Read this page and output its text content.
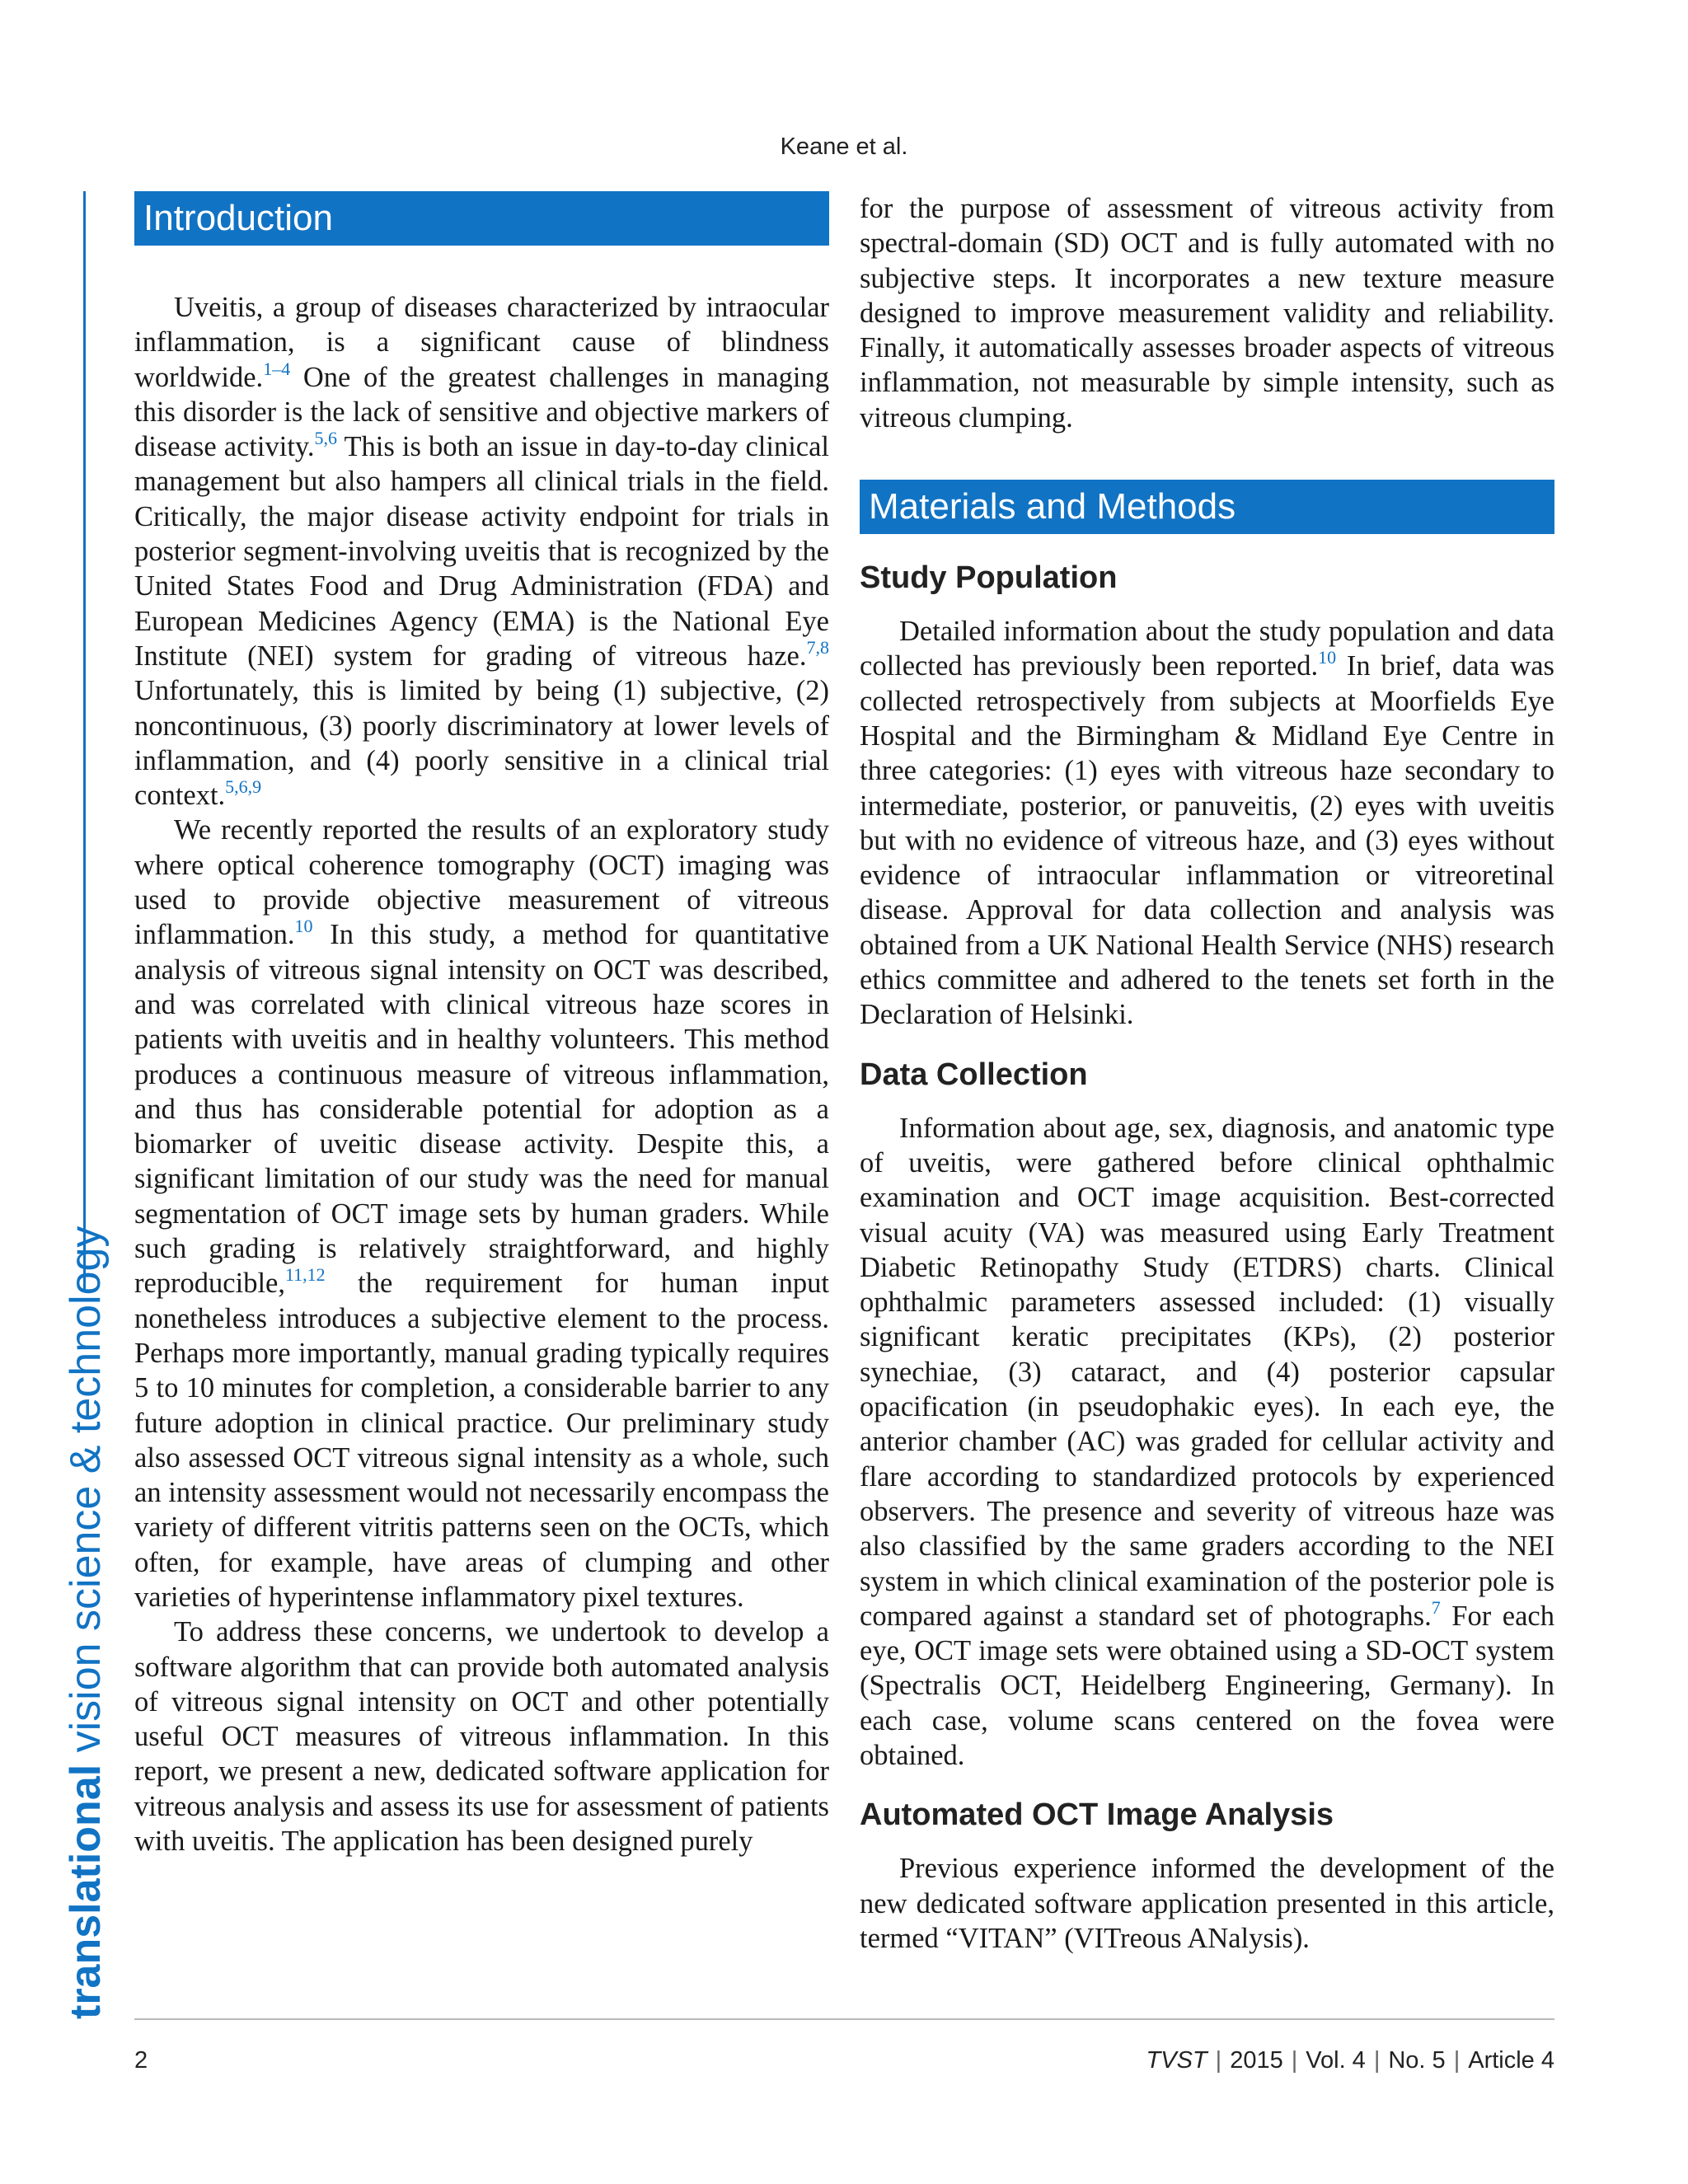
Keane et al.
translational vision science & technology
Introduction

Uveitis, a group of diseases characterized by intraocular inflammation, is a significant cause of blindness worldwide.$^{1-4}$ One of the greatest challenges in managing this disorder is the lack of sensitive and objective markers of disease activity.$^{5,6}$ This is both an issue in day-to-day clinical management but also hampers all clinical trials in the field. Critically, the major disease activity endpoint for trials in posterior segment-involving uveitis that is recognized by the United States Food and Drug Administration (FDA) and European Medicines Agency (EMA) is the National Eye Institute (NEI) system for grading of vitreous haze.$^{7,8}$ Unfortunately, this is limited by being (1) subjective, (2) noncontinuous, (3) poorly discriminatory at lower levels of inflammation, and (4) poorly sensitive in a clinical trial context.$^{5,6,9}$

We recently reported the results of an exploratory study where optical coherence tomography (OCT) imaging was used to provide objective measurement of vitreous inflammation.$^{10}$ In this study, a method for quantitative analysis of vitreous signal intensity on OCT was described, and was correlated with clinical vitreous haze scores in patients with uveitis and in healthy volunteers. This method produces a continuous measure of vitreous inflammation, and thus has considerable potential for adoption as a biomarker of uveitic disease activity. Despite this, a significant limitation of our study was the need for manual segmentation of OCT image sets by human graders. While such grading is relatively straightforward, and highly reproducible,$^{11,12}$ the requirement for human input nonetheless introduces a subjective element to the process. Perhaps more importantly, manual grading typically requires 5 to 10 minutes for completion, a considerable barrier to any future adoption in clinical practice. Our preliminary study also assessed OCT vitreous signal intensity as a whole, such an intensity assessment would not necessarily encompass the variety of different vitritis patterns seen on the OCTs, which often, for example, have areas of clumping and other varieties of hyperintense inflammatory pixel textures.

To address these concerns, we undertook to develop a software algorithm that can provide both automated analysis of vitreous signal intensity on OCT and other potentially useful OCT measures of vitreous inflammation. In this report, we present a new, dedicated software application for vitreous analysis and assess its use for assessment of patients with uveitis. The application has been designed purely

for the purpose of assessment of vitreous activity from spectral-domain (SD) OCT and is fully automated with no subjective steps. It incorporates a new texture measure designed to improve measurement validity and reliability. Finally, it automatically assesses broader aspects of vitreous inflammation, not measurable by simple intensity, such as vitreous clumping.

Materials and Methods
Study Population

Detailed information about the study population and data collected has previously been reported.$^{10}$ In brief, data was collected retrospectively from subjects at Moorfields Eye Hospital and the Birmingham & Midland Eye Centre in three categories: (1) eyes with vitreous haze secondary to intermediate, posterior, or panuveitis, (2) eyes with uveitis but with no evidence of vitreous haze, and (3) eyes without evidence of intraocular inflammation or vitreoretinal disease. Approval for data collection and analysis was obtained from a UK National Health Service (NHS) research ethics committee and adhered to the tenets set forth in the Declaration of Helsinki.

Data Collection

Information about age, sex, diagnosis, and anatomic type of uveitis, were gathered before clinical ophthalmic examination and OCT image acquisition. Best-corrected visual acuity (VA) was measured using Early Treatment Diabetic Retinopathy Study (ETDRS) charts. Clinical ophthalmic parameters assessed included: (1) visually significant keratic precipitates (KPs), (2) posterior synechiae, (3) cataract, and (4) posterior capsular opacification (in pseudophakic eyes). In each eye, the anterior chamber (AC) was graded for cellular activity and flare according to standardized protocols by experienced observers. The presence and severity of vitreous haze was also classified by the same graders according to the NEI system in which clinical examination of the posterior pole is compared against a standard set of photographs.$^7$ For each eye, OCT image sets were obtained using a SD-OCT system (Spectralis OCT, Heidelberg Engineering, Germany). In each case, volume scans centered on the fovea were obtained.

Automated OCT Image Analysis

Previous experience informed the development of the new dedicated software application presented in this article, termed “VITAN” (VITreous ANalysis).

2	TVST | 2015 | Vol. 4 | No. 5 | Article 4
